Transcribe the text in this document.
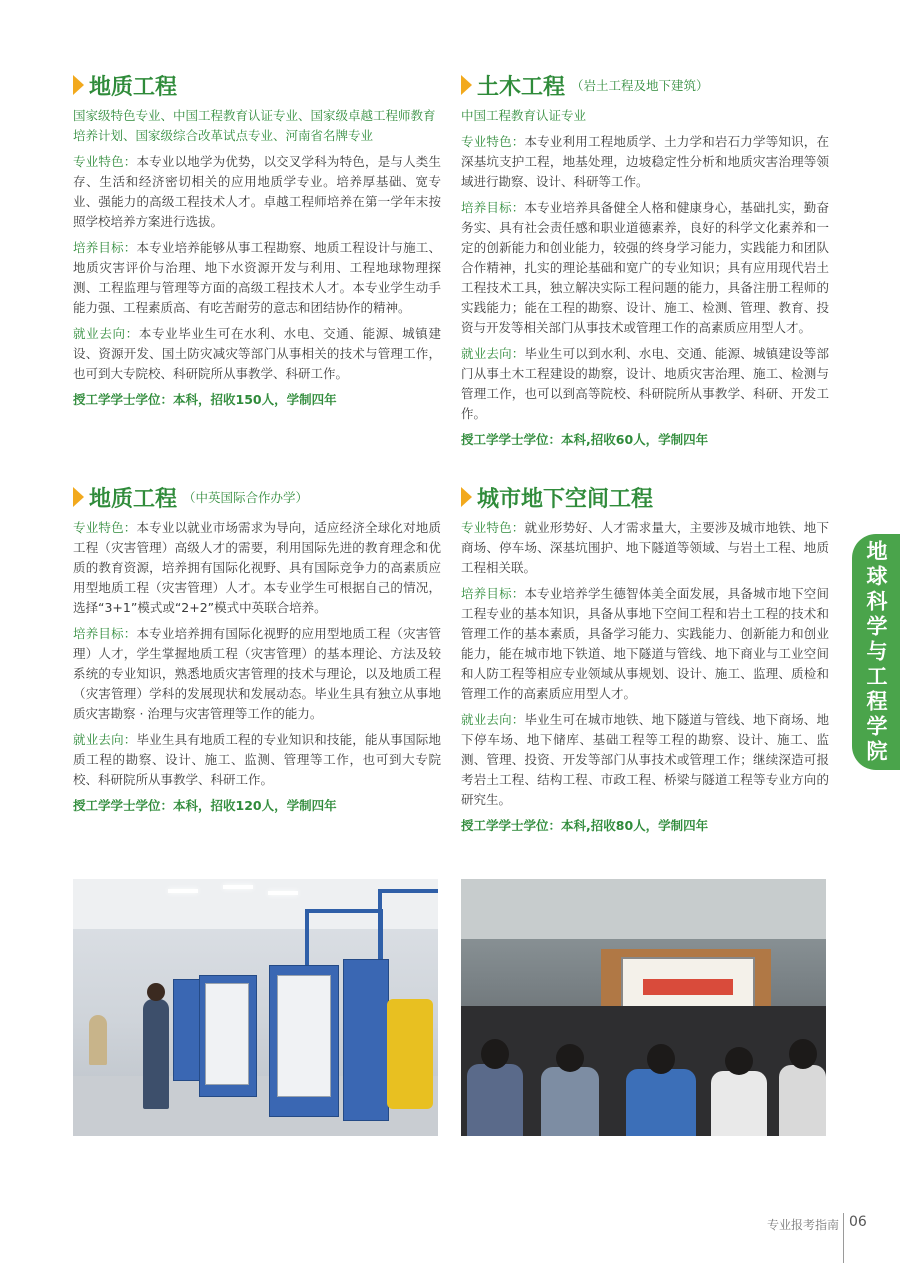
地质工程
国家级特色专业、中国工程教育认证专业、国家级卓越工程师教育培养计划、国家级综合改革试点专业、河南省名牌专业

专业特色：本专业以地学为优势，以交叉学科为特色，是与人类生存、生活和经济密切相关的应用地质学专业。培养厚基础、宽专业、强能力的高级工程技术人才。卓越工程师培养在第一学年末按照学校培养方案进行选拔。

培养目标：本专业培养能够从事工程勘察、地质工程设计与施工、地质灾害评价与治理、地下水资源开发与利用、工程地球物理探测、工程监理与管理等方面的高级工程技术人才。本专业学生动手能力强、工程素质高、有吃苦耐劳的意志和团结协作的精神。

就业去向：本专业毕业生可在水利、水电、交通、能源、城镇建设、资源开发、国土防灾减灾等部门从事相关的技术与管理工作，也可到大专院校、科研院所从事教学、科研工作。

授工学学士学位：本科，招收150人，学制四年
土木工程 （岩土工程及地下建筑）
中国工程教育认证专业

专业特色：本专业利用工程地质学、土力学和岩石力学等知识，在深基坑支护工程，地基处理，边坡稳定性分析和地质灾害治理等领域进行勘察、设计、科研等工作。

培养目标：本专业培养具备健全人格和健康身心，基础扎实，勤奋务实、具有社会责任感和职业道德素养，良好的科学文化素养和一定的创新能力和创业能力，较强的终身学习能力，实践能力和团队合作精神，扎实的理论基础和宽广的专业知识；具有应用现代岩土工程技术工具，独立解决实际工程问题的能力，具备注册工程师的实践能力；能在工程的勘察、设计、施工、检测、管理、教育、投资与开发等相关部门从事技术或管理工作的高素质应用型人才。

就业去向：毕业生可以到水利、水电、交通、能源、城镇建设等部门从事土木工程建设的勘察，设计、地质灾害治理、施工、检测与管理工作，也可以到高等院校、科研院所从事教学、科研、开发工作。

授工学学士学位：本科,招收60人，学制四年
地质工程 （中英国际合作办学）

专业特色：本专业以就业市场需求为导向，适应经济全球化对地质工程（灾害管理）高级人才的需要，利用国际先进的教育理念和优质的教育资源，培养拥有国际化视野、具有国际竞争力的高素质应用型地质工程（灾害管理）人才。本专业学生可根据自己的情况，选择“3+1”模式或“2+2”模式中英联合培养。

培养目标：本专业培养拥有国际化视野的应用型地质工程（灾害管理）人才，学生掌握地质工程（灾害管理）的基本理论、方法及较系统的专业知识，熟悉地质灾害管理的技术与理论，以及地质工程（灾害管理）学科的发展现状和发展动态。毕业生具有独立从事地质灾害勘察 · 治理与灾害管理等工作的能力。

就业去向：毕业生具有地质工程的专业知识和技能，能从事国际地质工程的勘察、设计、施工、监测、管理等工作，也可到大专院校、科研院所从事教学、科研工作。

授工学学士学位：本科，招收120人，学制四年
城市地下空间工程

专业特色：就业形势好、人才需求量大，主要涉及城市地铁、地下商场、停车场、深基坑围护、地下隧道等领域、与岩土工程、地质工程相关联。

培养目标：本专业培养学生德智体美全面发展，具备城市地下空间工程专业的基本知识，具备从事地下空间工程和岩土工程的技术和管理工作的基本素质，具备学习能力、实践能力、创新能力和创业能力，能在城市地下铁道、地下隧道与管线、地下商业与工业空间和人防工程等相应专业领域从事规划、设计、施工、监理、质检和管理工作的高素质应用型人才。

就业去向：毕业生可在城市地铁、地下隧道与管线、地下商场、地下停车场、地下储库、基础工程等工程的勘察、设计、施工、监测、管理、投资、开发等部门从事技术或管理工作；继续深造可报考岩土工程、结构工程、市政工程、桥梁与隧道工程等专业方向的研究生。

授工学学士学位：本科,招收80人，学制四年
地球科学与工程学院
专业报考指南 06
